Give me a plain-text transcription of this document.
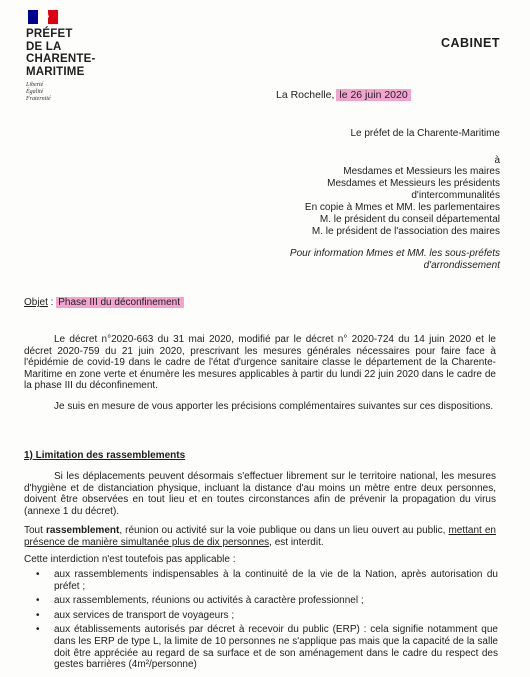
PRÉFET
DE LA
CHARENTE-
MARITIME
Liberté
Égalité
Fraternité
CABINET
La Rochelle, le 26 juin 2020
Le préfet de la Charente-Maritime
à
Mesdames et Messieurs les maires
Mesdames et Messieurs les présidents
d'intercommunalités
En copie à Mmes et MM. les parlementaires
M. le président du conseil départemental
M. le président de l'association des maires
Pour information Mmes et MM. les sous-préfets d'arrondissement
Objet : Phase III du déconfinement
Le décret n°2020-663 du 31 mai 2020, modifié par le décret n° 2020-724 du 14 juin 2020 et le décret 2020-759 du 21 juin 2020, prescrivant les mesures générales nécessaires pour faire face à l'épidémie de covid-19 dans le cadre de l'état d'urgence sanitaire classe le département de la Charente-Maritime en zone verte et énumère les mesures applicables à partir du lundi 22 juin 2020 dans le cadre de la phase III du déconfinement.
Je suis en mesure de vous apporter les précisions complémentaires suivantes sur ces dispositions.
1) Limitation des rassemblements
Si les déplacements peuvent désormais s'effectuer librement sur le territoire national, les mesures d'hygiène et de distanciation physique, incluant la distance d'au moins un mètre entre deux personnes, doivent être observées en tout lieu et en toutes circonstances afin de prévenir la propagation du virus (annexe 1 du décret).
Tout rassemblement, réunion ou activité sur la voie publique ou dans un lieu ouvert au public, mettant en présence de manière simultanée plus de dix personnes, est interdit.
Cette interdiction n'est toutefois pas applicable :
• aux rassemblements indispensables à la continuité de la vie de la Nation, après autorisation du préfet ;
• aux rassemblements, réunions ou activités à caractère professionnel ;
• aux services de transport de voyageurs ;
• aux établissements autorisés par décret à recevoir du public (ERP) : cela signifie notamment que dans les ERP de type L, la limite de 10 personnes ne s'applique pas mais que la capacité de la salle doit être appréciée au regard de sa surface et de son aménagement dans le cadre du respect des gestes barrières (4m²/personne)
